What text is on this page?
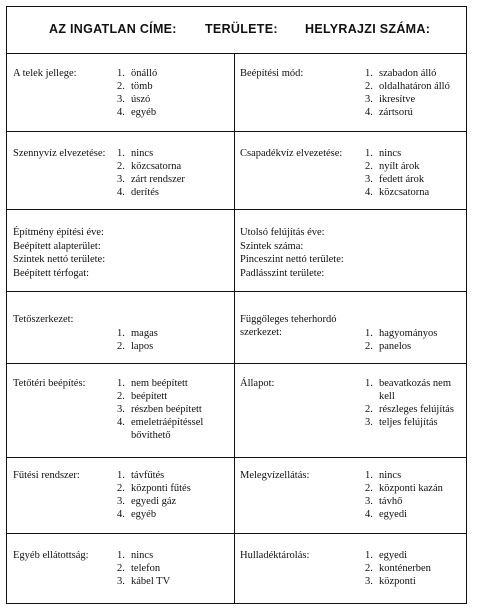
AZ INGATLAN CÍME: TERÜLETE: HELYRAJZI SZÁMA:
A telek jellege:	1. önálló
2. tömb
3. úszó
4. egyéb
Beépítési mód:	1. szabadon álló
2. oldalhatáron álló
3. ikresítve
4. zártsorú
Szennyvíz elvezetése: 1. nincs
2. közcsatorna
3. zárt rendszer
4. derítés
Csapadékvíz elvezetése: 1. nincs
2. nyílt árok
3. fedett árok
4. közcsatorna
Építmény építési éve:
Beépített alapterület:
Szintek nettó területe:
Beépített térfogat:
Utolsó felújítás éve:
Szintek száma:
Pinceszint nettó területe:
Padlásszint területe:
Tetőszerkezet:
1. magas
2. lapos
Függőleges teherhordó szerkezet:	1. hagyományos
2. panelos
Tetőtéri beépítés:	1. nem beépített
2. beépített
3. részben beépített
4. emeletráépítéssel bővíthető
Állapot:	1. beavatkozás nem kell
2. részleges felújítás
3. teljes felújítás
Fűtési rendszer:	1. távfűtés
2. központi fűtés
3. egyedi gáz
4. egyéb
Melegvízellátás:	1. nincs
2. központi kazán
3. távhő
4. egyedi
Egyéb ellátottság:	1. nincs
2. telefon
3. kábel TV
Hulladéktárolás:	1. egyedi
2. konténerben
3. központi
